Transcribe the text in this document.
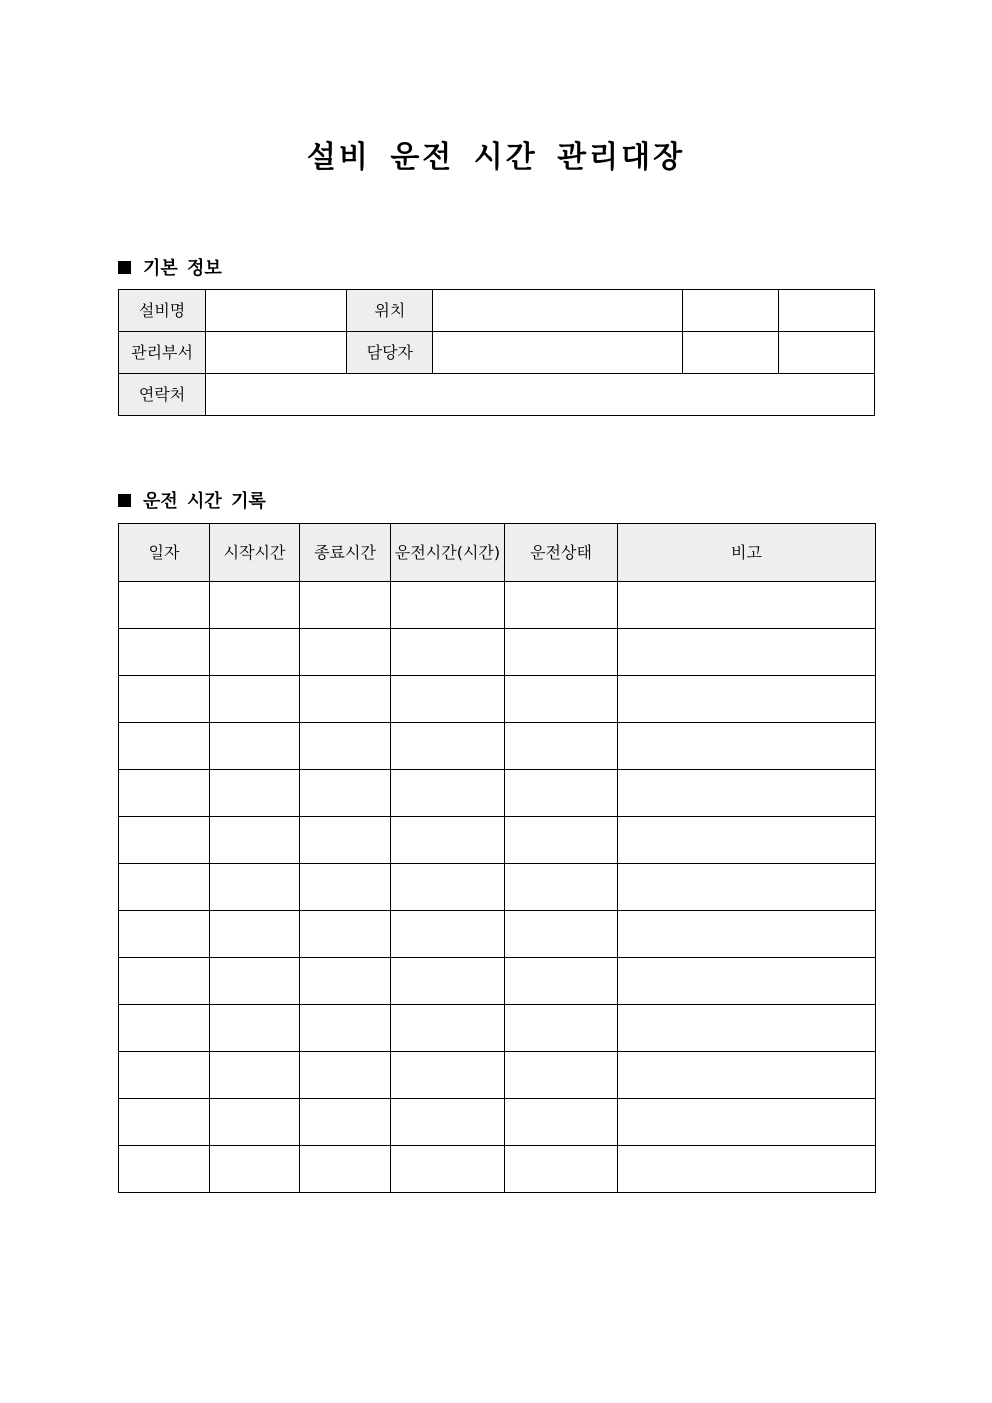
설비 운전 시간 관리대장
기본 정보
설비명		위치			
관리부서		담당자			
연락처					
운전 시간 기록
일자	시작시간	종료시간	운전시간(시간)	운전상태	비고
